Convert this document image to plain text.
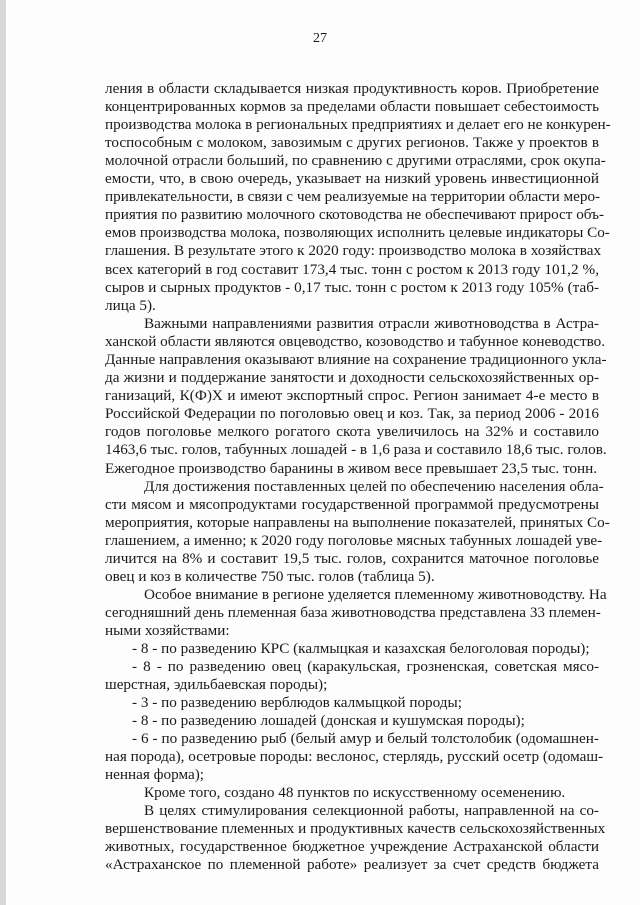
27
ления в области складывается низкая продуктивность коров. Приобретение
концентрированных кормов за пределами области повышает себестоимость
производства молока в региональных предприятиях и делает его не конкурен-
тоспособным с молоком, завозимым с других регионов. Также у проектов в
молочной отрасли больший, по сравнению с другими отраслями, срок окупа-
емости, что, в свою очередь, указывает на низкий уровень инвестиционной
привлекательности, в связи с чем реализуемые на территории области меро-
приятия по развитию молочного скотоводства не обеспечивают прирост объ-
емов производства молока, позволяющих исполнить целевые индикаторы Со-
глашения. В результате этого к 2020 году: производство молока в хозяйствах
всех категорий в год составит 173,4 тыс. тонн с ростом к 2013 году 101,2 %,
сыров и сырных продуктов - 0,17 тыс. тонн с ростом к 2013 году 105% (таб-
лица 5).
Важными направлениями развития отрасли животноводства в Астра-
ханской области являются овцеводство, козоводство и табунное коневодство.
Данные направления оказывают влияние на сохранение традиционного укла-
да жизни и поддержание занятости и доходности сельскохозяйственных ор-
ганизаций, К(Ф)Х и имеют экспортный спрос. Регион занимает 4-е место в
Российской Федерации по поголовью овец и коз. Так, за период 2006 - 2016
годов поголовье мелкого рогатого скота увеличилось на 32% и составило
1463,6 тыс. голов, табунных лошадей - в 1,6 раза и составило 18,6 тыс. голов.
Ежегодное производство баранины в живом весе превышает 23,5 тыс. тонн.
Для достижения поставленных целей по обеспечению населения обла-
сти мясом и мясопродуктами государственной программой предусмотрены
мероприятия, которые направлены на выполнение показателей, принятых Со-
глашением, а именно; к 2020 году поголовье мясных табунных лошадей уве-
личится на 8% и составит 19,5 тыс. голов, сохранится маточное поголовье
овец и коз в количестве 750 тыс. голов (таблица 5).
Особое внимание в регионе уделяется племенному животноводству. На
сегодняшний день племенная база животноводства представлена 33 племен-
ными хозяйствами:
- 8 - по разведению КРС (калмыцкая и казахская белоголовая породы);
- 8 - по разведению овец (каракульская, грозненская, советская мясо-
шерстная, эдильбаевская породы);
- 3 - по разведению верблюдов калмыцкой породы;
- 8 - по разведению лошадей (донская и кушумская породы);
- 6 - по разведению рыб (белый амур и белый толстолобик (одомашнен-
ная порода), осетровые породы: веслонос, стерлядь, русский осетр (одомаш-
ненная форма);
Кроме того, создано 48 пунктов по искусственному осеменению.
В целях стимулирования селекционной работы, направленной на со-
вершенствование племенных и продуктивных качеств сельскохозяйственных
животных, государственное бюджетное учреждение Астраханской области
«Астраханское по племенной работе» реализует за счет средств бюджета
